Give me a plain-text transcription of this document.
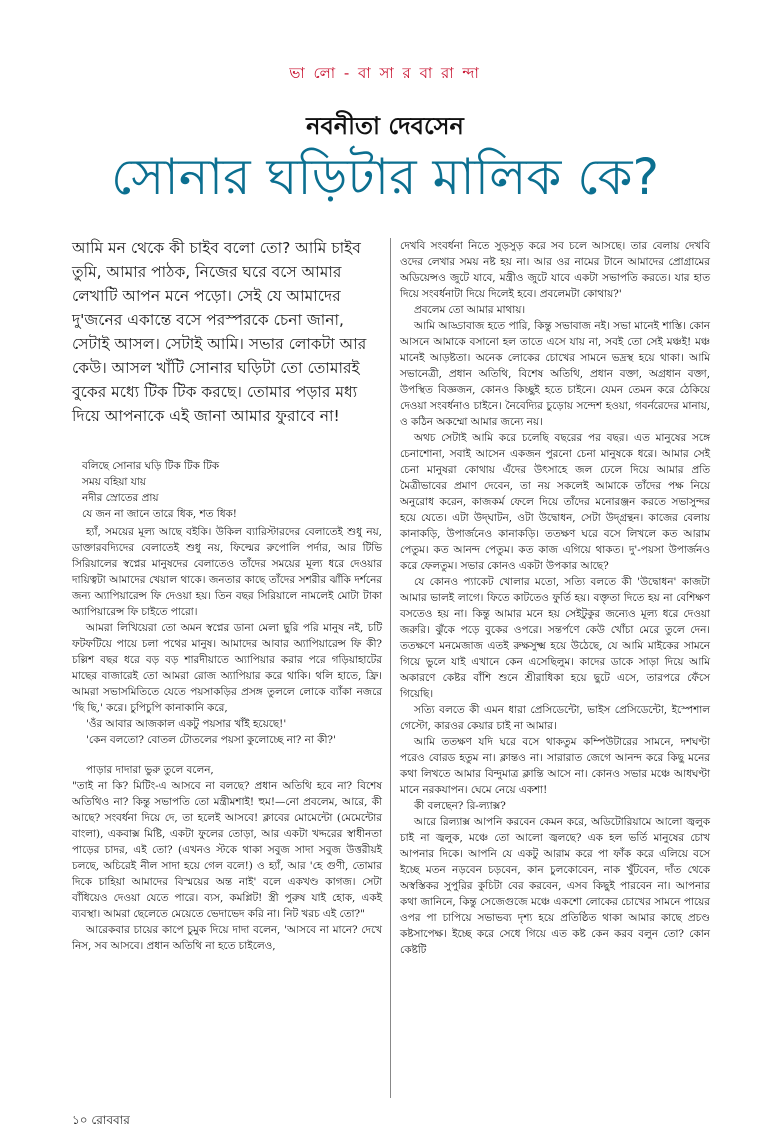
ভা লো - বা সা র বা রা ন্দা
নবনীতা দেবসেন
সোনার ঘড়িটার মালিক কে?
আমি মন থেকে কী চাইব বলো তো? আমি চাইব তুমি, আমার পাঠক, নিজের ঘরে বসে আমার লেখাটি আপন মনে পড়ো। সেই যে আমাদের দু'জনের একান্তে বসে পরস্পরকে চেনা জানা, সেটাই আসল। সেটাই আমি। সভার লোকটা আর কেউ। আসল খাঁটি সোনার ঘড়িটা তো তোমারই বুকের মধ্যে টিক টিক করছে। তোমার পড়ার মধ্য দিয়ে আপনাকে এই জানা আমার ফুরাবে না!
বলিছে সোনার ঘড়ি টিক টিক টিক
সময় বহিয়া যায়
নদীর স্রোতের প্রায়
যে জন না জানে তারে ধিক, শত ধিক!

হ্যাঁ, সময়ের মূল্য আছে বইকি। উকিল ব্যারিস্টারদের বেলাতেই শুধু নয়, ডাক্তারবদ্যিদের বেলাতেই শুধু নয়, ফিল্মের রুপোলি পর্দার, আর টিভি সিরিয়ালের স্বপ্নের মানুষদের বেলাতেও তাঁদের সময়ের মূল্য ধরে দেওয়ার দায়িত্বটা আমাদের খেয়াল থাকে। জনতার কাছে তাঁদের সশরীর ঝাঁকি দর্শনের জন্য অ্যাপিয়ারেন্স ফি দেওয়া হয়। তিন বছর সিরিয়ালে নামলেই মোটা টাকা অ্যাপিয়ারেন্স ফি চাইতে পারো।

আমরা লিখিয়েরা তো অমন স্বপ্নের ডানা মেলা ছুরি পরি মানুষ নই, চটি ফটফটিয়ে পায়ে চলা পথের মানুষ। আমাদের আবার অ্যাপিয়ারেন্স ফি কী? চল্লিশ বছর ধরে বড় বড় শারদীয়াতে অ্যাপিয়ার করার পরে গড়িয়াহাটের মাছের বাজারেই তো আমরা রোজ অ্যাপিয়ার করে থাকি। থলি হাতে, ফ্রি। আমরা সভাসমিতিতে যেতে পয়সাকড়ির প্রসঙ্গ তুললে লোকে ব্যাঁকা নজরে 'ছি ছি,' করে। চুপিচুপি কানাকানি করে,

'ওঁর আবার আজকাল একটু পয়সার খাঁই হয়েছে!'

'কেন বলতো? বোতল টোতলের পয়সা কুলোচ্ছে না? না কী?'

পাড়ার দাদারা ভুরু তুলে বলেন,

"তাই না কি? মিটিং-এ আসবে না বলছে? প্রধান অতিথি হবে না? বিশেষ অতিথিও না? কিন্তু সভাপতি তো মন্ত্রীমশাই! হুম!—নো প্রবলেম, আরে, কী আছে? সংবর্ধনা দিয়ে দে, তা হলেই আসবে! ক্লাবের মোমেন্টো (মেমেন্টোর বাংলা), একবাক্স মিষ্টি, একটা ফুলের তোড়া, আর একটা খদ্দরের স্বাধীনতা পাড়ের চাদর, এই তো? (এখনও স্টকে থাকা সবুজ সাদা সবুজ উত্তরীয়ই চলছে, অচিরেই নীল সাদা হয়ে গেল বলে!) ও হ্যাঁ, আর 'হে গুণী, তোমার দিকে চাহিয়া আমাদের বিস্ময়ের অন্ত নাই' বলে একখণ্ড কাগজ। সেটা বাঁধিয়েও দেওয়া যেতে পারে। ব্যস, কমপ্লিট! স্ত্রী পুরুষ যাই হোক, একই ব্যবস্থা। আমরা ছেলেতে মেয়েতে ভেদাভেদ করি না। নিট খরচ এই তো?"

আরেকবার চায়ের কাপে চুমুক দিয়ে দাদা বলেন, 'আসবে না মানে? দেখে নিস, সব আসবে। প্রধান অতিথি না হতে চাইলেও,

দেখবি সংবর্ধনা নিতে সুড়সুড় করে সব চলে আসছে। তার বেলায় দেখবি ওদের লেখার সময় নষ্ট হয় না। আর ওর নামের টানে আমাদের প্রোগ্রামের অডিয়েন্সও জুটে যাবে, মন্ত্রীও জুটে যাবে একটা সভাপতি করতে। যার হাত দিয়ে সংবর্ধনাটা দিয়ে দিলেই হবে। প্রবলেমটা কোথায়?'

প্রবলেম তো আমার মাথায়।

আমি আড্ডাবাজ হতে পারি, কিন্তু সভাবাজ নই। সভা মানেই শাস্তি। কোন আসনে আমাকে বসানো হল তাতে এসে যায় না, সবই তো সেই মঞ্চই! মঞ্চ মানেই আড়ষ্টতা। অনেক লোকের চোখের সামনে ভদ্রস্থ হয়ে থাকা। আমি সভানেত্রী, প্রধান অতিথি, বিশেষ অতিথি, প্রধান বক্তা, অগ্রধান বক্তা, উপস্থিত বিজ্ঞজন, কোনও কিচ্ছুই হতে চাইনে। যেমন তেমন করে ঠেকিয়ে দেওয়া সংবর্ধনাও চাইনে। নৈবেদ্যির চুড়োয় সন্দেশ হওয়া, গবর্নরেদের মানায়, ও কঠিন অকম্মো আমার জন্যে নয়।

অথচ সেটাই আমি করে চলেছি বছরের পর বছর। এত মানুষের সঙ্গে চেনাশোনা, সবাই আসেন একজন পুরনো চেনা মানুষকে ধরে। আমার সেই চেনা মানুষরা কোথায় এঁদের উৎসাহে জল ঢেলে দিয়ে আমার প্রতি মৈত্রীভাবের প্রমাণ দেবেন, তা নয় সকলেই আমাকে তাঁদের পক্ষ নিয়ে অনুরোধ করেন, কাজকর্ম ফেলে দিয়ে তাঁদের মনোরঞ্জন করতে সভাসুন্দর হয়ে যেতে। এটা উদ্‌ঘাটন, ওটা উদ্বোধন, সেটা উদ্‌গ্রন্থন। কাজের বেলায় কানাকড়ি, উপার্জনেও কানাকড়ি। ততক্ষণ ঘরে বসে লিখলে কত আরাম পেতুম। কত আনন্দ পেতুম। কত কাজ এগিয়ে থাকত। দু'-পয়সা উপার্জনও করে ফেলতুম। সভার কোনও একটা উপকার আছে?

যে কোনও প্যাকেট খোলার মতো, সত্যি বলতে কী 'উদ্বোধন' কাজটা আমার ভালই লাগে। ফিতে কাটতেও ফুর্তি হয়। বক্তৃতা দিতে হয় না বেশিক্ষণ বসতেও হয় না। কিন্তু আমার মনে হয় সেইটুকুর জন্যেও মূল্য ধরে দেওয়া জরুরি। ঝুঁকে পড়ে বুকের ওপরে। সন্তর্পণে কেউ খোঁচা মেরে তুলে দেন। ততক্ষণে মনমেজাজ এতই রুক্ষসুক্ষ্ম হয়ে উঠেছে, যে আমি মাইকের সামনে গিয়ে ভুলে যাই এখানে কেন এসেছিলুম। কাদের ডাকে সাড়া দিয়ে আমি অকারণে কেষ্টর বাঁশি শুনে শ্রীরাধিকা হয়ে ছুটে এসে, তারপরে ফেঁসে গিয়েছি।

সত্যি বলতে কী এমন ধারা প্রেসিডেন্টো, ভাইস প্রেসিডেন্টো, ইস্পেশাল গেস্টো, কারওর কেয়ার চাই না আমার।

আমি ততক্ষণ যদি ঘরে বসে থাকতুম কম্পিউটারের সামনে, দশঘণ্টা পরেও বোরড হতুম না। ক্লান্তও না। সারারাত জেগে আনন্দ করে কিছু মনের কথা লিখতে আমার বিন্দুমাত্র ক্লান্তি আসে না। কোনও সভার মঞ্চে আধঘণ্টা মানে নরকযাপন। ঘেমে নেয়ে একশা!

কী বলছেন? রি-ল্যাক্স?

আরে রিল্যাক্স আপনি করবেন কেমন করে, অডিটোরিয়ামে আলো জ্বলুক চাই না জ্বলুক, মঞ্চে তো আলো জ্বলছে? এক হল ভর্তি মানুষের চোখ আপনার দিকে। আপনি যে একটু আরাম করে পা ফাঁক করে এলিয়ে বসে ইচ্ছে মতন নড়বেন চড়বেন, কান চুলকোবেন, নাক খুঁটবেন, দাঁত থেকে অস্বস্তিকর সুপুরির কুচিটা বের করবেন, এসব কিছুই পারবেন না। আপনার কথা জানিনে, কিন্তু সেজেগুজে মঞ্চে একশো লোকের চোখের সামনে পায়ের ওপর পা চাপিয়ে সভাভব্য দৃশ্য হয়ে প্রতিষ্ঠিত থাকা আমার কাছে প্রচণ্ড কষ্টসাপেক্ষ। ইচ্ছে করে সেধে গিয়ে এত কষ্ট কেন করব বলুন তো? কোন কেষ্টটি

১০ রোববার
